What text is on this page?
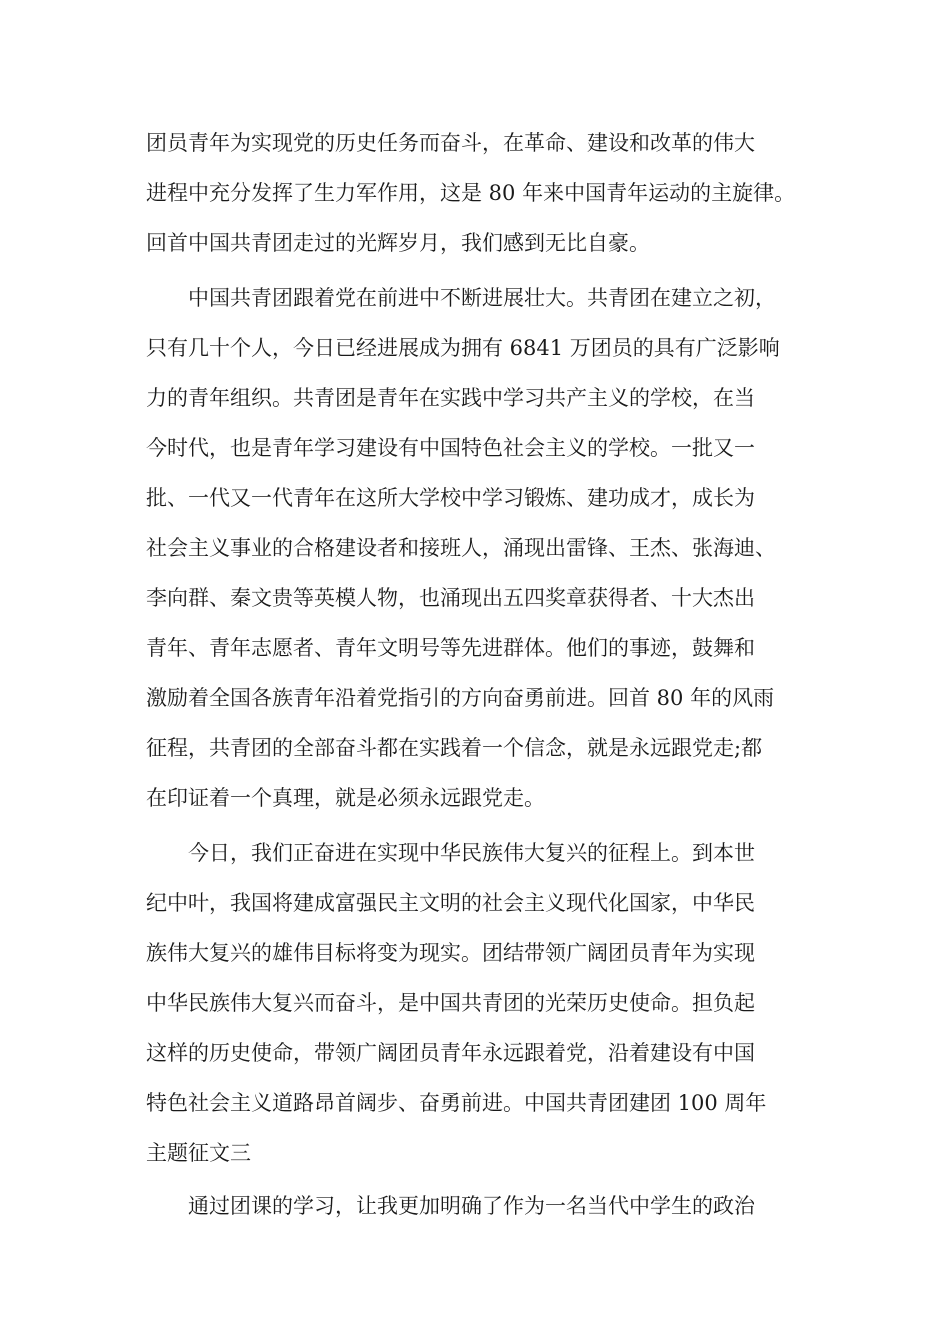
团员青年为实现党的历史任务而奋斗，在革命、建设和改革的伟大
进程中充分发挥了生力军作用，这是 80 年来中国青年运动的主旋律。
回首中国共青团走过的光辉岁月，我们感到无比自豪。
中国共青团跟着党在前进中不断进展壮大。共青团在建立之初，
只有几十个人，今日已经进展成为拥有 6841 万团员的具有广泛影响
力的青年组织。共青团是青年在实践中学习共产主义的学校，在当
今时代，也是青年学习建设有中国特色社会主义的学校。一批又一
批、一代又一代青年在这所大学校中学习锻炼、建功成才，成长为
社会主义事业的合格建设者和接班人，涌现出雷锋、王杰、张海迪、
李向群、秦文贵等英模人物，也涌现出五四奖章获得者、十大杰出
青年、青年志愿者、青年文明号等先进群体。他们的事迹，鼓舞和
激励着全国各族青年沿着党指引的方向奋勇前进。回首 80 年的风雨
征程，共青团的全部奋斗都在实践着一个信念，就是永远跟党走;都
在印证着一个真理，就是必须永远跟党走。
今日，我们正奋进在实现中华民族伟大复兴的征程上。到本世
纪中叶，我国将建成富强民主文明的社会主义现代化国家，中华民
族伟大复兴的雄伟目标将变为现实。团结带领广阔团员青年为实现
中华民族伟大复兴而奋斗，是中国共青团的光荣历史使命。担负起
这样的历史使命，带领广阔团员青年永远跟着党，沿着建设有中国
特色社会主义道路昂首阔步、奋勇前进。中国共青团建团 100 周年
主题征文三
通过团课的学习，让我更加明确了作为一名当代中学生的政治
